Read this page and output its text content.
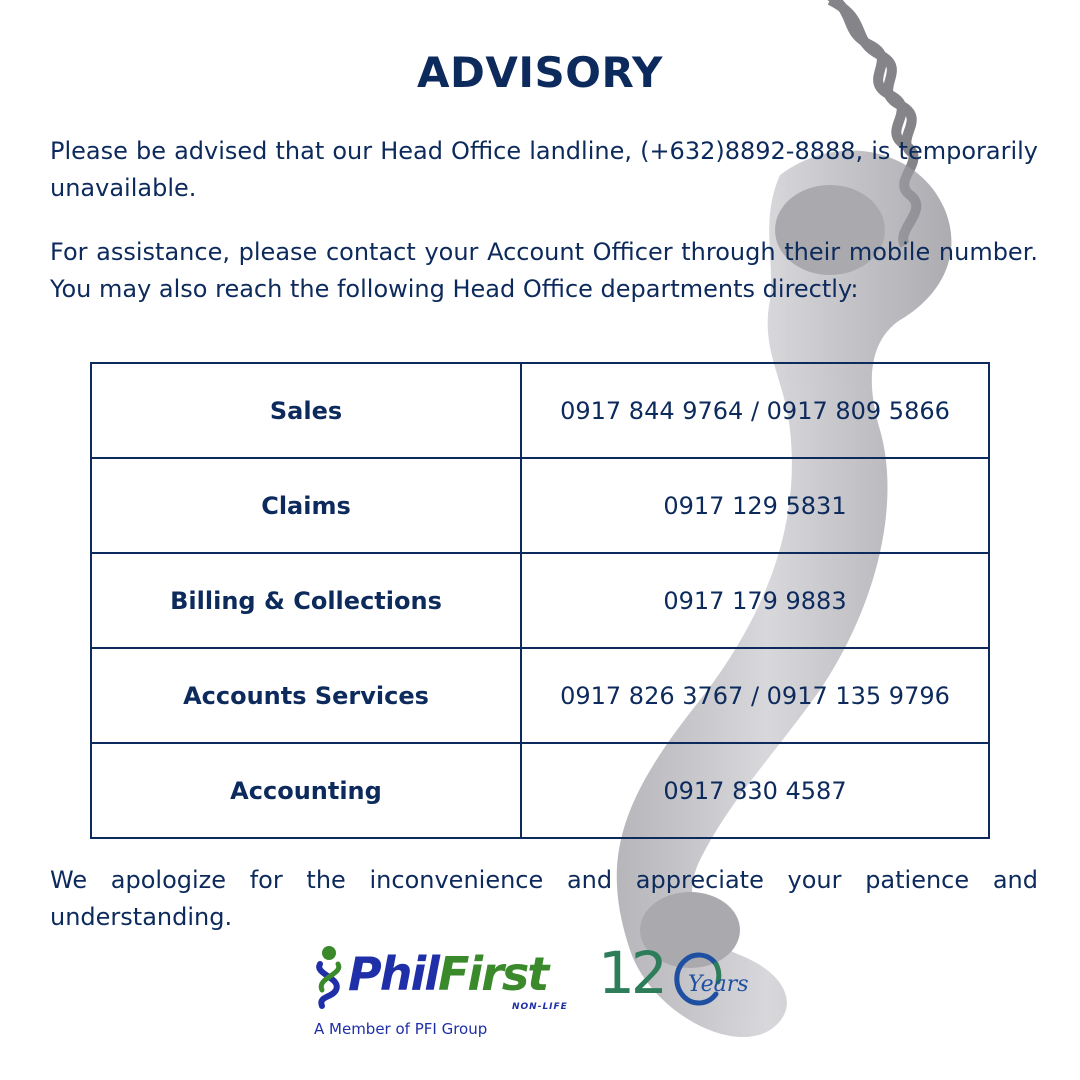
ADVISORY

Please be advised that our Head Office landline, (+632)8892-8888, is temporarily unavailable.

For assistance, please contact your Account Officer through their mobile number. You may also reach the following Head Office departments directly:

Sales	0917 844 9764 / 0917 809 5866
Claims	0917 129 5831
Billing & Collections	0917 179 9883
Accounts Services	0917 826 3767 / 0917 135 9796
Accounting	0917 830 4587

We apologize for the inconvenience and appreciate your patience and understanding.

PhilFirst
NON-LIFE
A Member of PFI Group
12 Years
